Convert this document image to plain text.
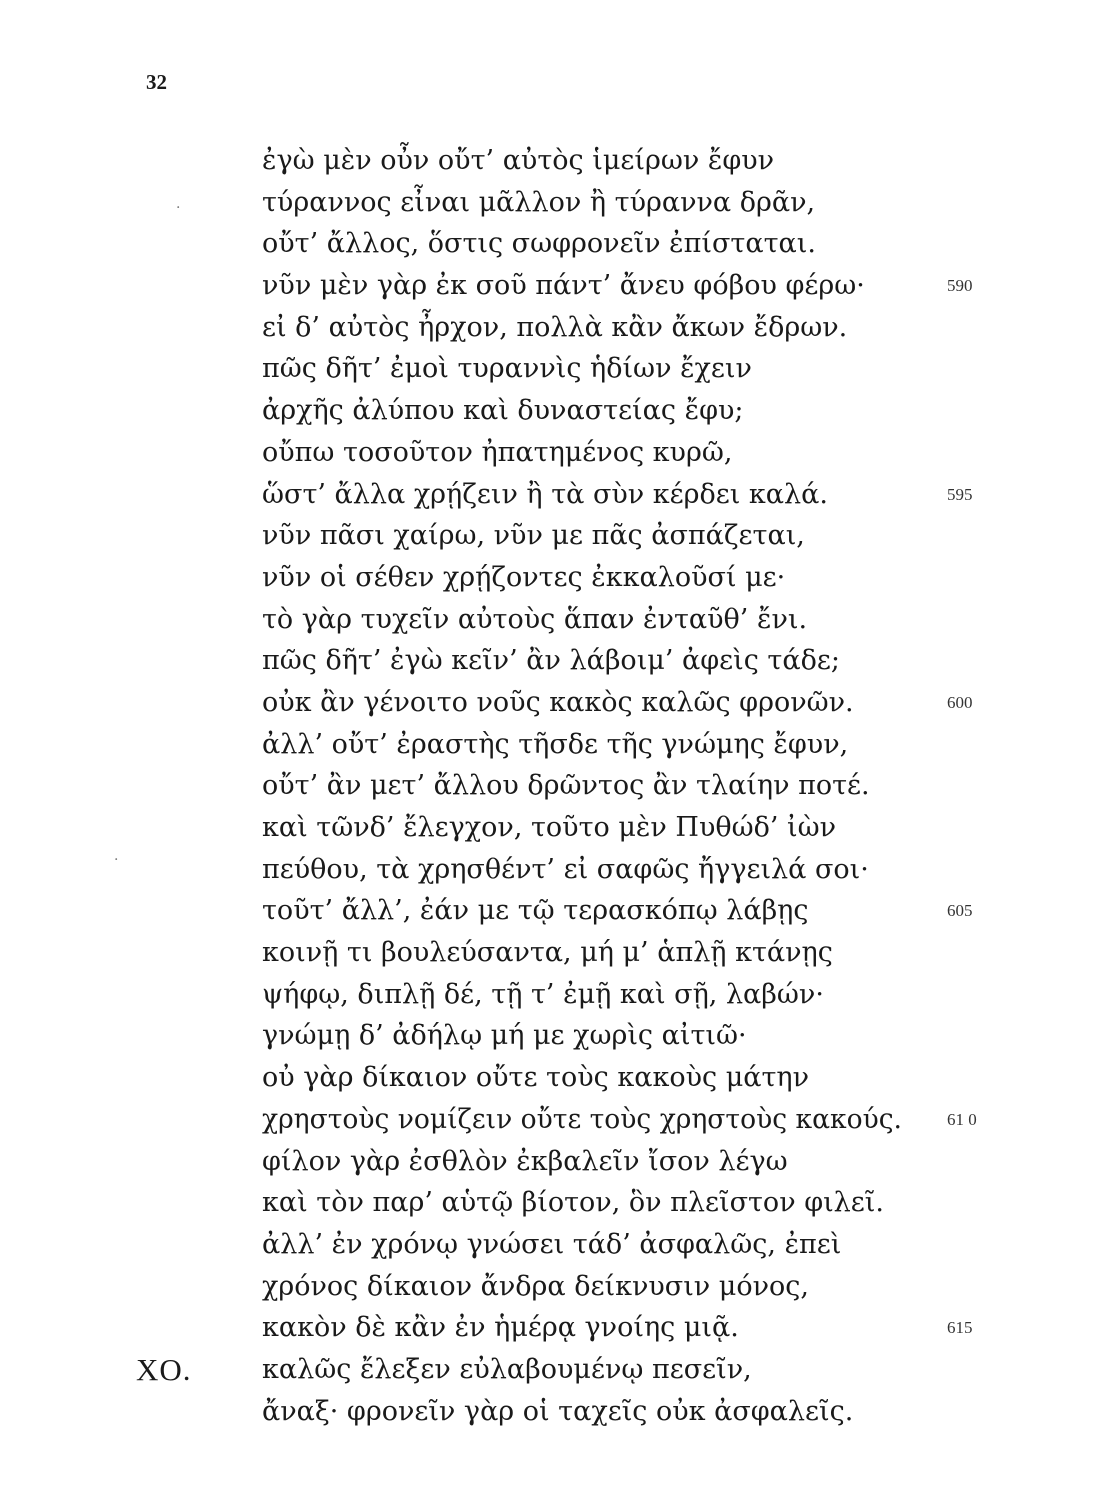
32
·
·
ἐγὼ μὲν οὖν οὔτ’ αὐτὸς ἱμείρων ἔφυν
τύραννος εἶναι μᾶλλον ἢ τύραννα δρᾶν,
οὔτ’ ἄλλος, ὅστις σωφρονεῖν ἐπίσταται.
νῦν μὲν γὰρ ἐκ σοῦ πάντ’ ἄνευ φόβου φέρω·	590
εἰ δ’ αὐτὸς ἦρχον, πολλὰ κἂν ἄκων ἔδρων.
πῶς δῆτ’ ἐμοὶ τυραννὶς ἡδίων ἔχειν
ἀρχῆς ἀλύπου καὶ δυναστείας ἔφυ;
οὔπω τοσοῦτον ἠπατημένος κυρῶ,
ὥστ’ ἄλλα χρῄζειν ἢ τὰ σὺν κέρδει καλά.	595
νῦν πᾶσι χαίρω, νῦν με πᾶς ἀσπάζεται,
νῦν οἱ σέθεν χρῄζοντες ἐκκαλοῦσί με·
τὸ γὰρ τυχεῖν αὐτοὺς ἅπαν ἐνταῦθ’ ἔνι.
πῶς δῆτ’ ἐγὼ κεῖν’ ἂν λάβοιμ’ ἀφεὶς τάδε;
οὐκ ἂν γένοιτο νοῦς κακὸς καλῶς φρονῶν.	600
ἀλλ’ οὔτ’ ἐραστὴς τῆσδε τῆς γνώμης ἔφυν,
οὔτ’ ἂν μετ’ ἄλλου δρῶντος ἂν τλαίην ποτέ.
καὶ τῶνδ’ ἔλεγχον, τοῦτο μὲν Πυθώδ’ ἰὼν
πεύθου, τὰ χρησθέντ’ εἰ σαφῶς ἤγγειλά σοι·
τοῦτ’ ἄλλ’, ἐάν με τῷ τερασκόπῳ λάβῃς	605
κοινῇ τι βουλεύσαντα, μή μ’ ἁπλῇ κτάνῃς
ψήφῳ, διπλῇ δέ, τῇ τ’ ἐμῇ καὶ σῇ, λαβών·
γνώμῃ δ’ ἀδήλῳ μή με χωρὶς αἰτιῶ·
οὐ γὰρ δίκαιον οὔτε τοὺς κακοὺς μάτην
χρηστοὺς νομίζειν οὔτε τοὺς χρηστοὺς κακούς.	61 0
φίλον γὰρ ἐσθλὸν ἐκβαλεῖν ἴσον λέγω
καὶ τὸν παρ’ αὑτῷ βίοτον, ὃν πλεῖστον φιλεῖ.
ἀλλ’ ἐν χρόνῳ γνώσει τάδ’ ἀσφαλῶς, ἐπεὶ
χρόνος δίκαιον ἄνδρα δείκνυσιν μόνος,
κακὸν δὲ κἂν ἐν ἡμέρᾳ γνοίης μιᾷ.	615
καλῶς ἔλεξεν εὐλαβουμένῳ πεσεῖν,
ΧΟ.
ἄναξ· φρονεῖν γὰρ οἱ ταχεῖς οὐκ ἀσφαλεῖς.
